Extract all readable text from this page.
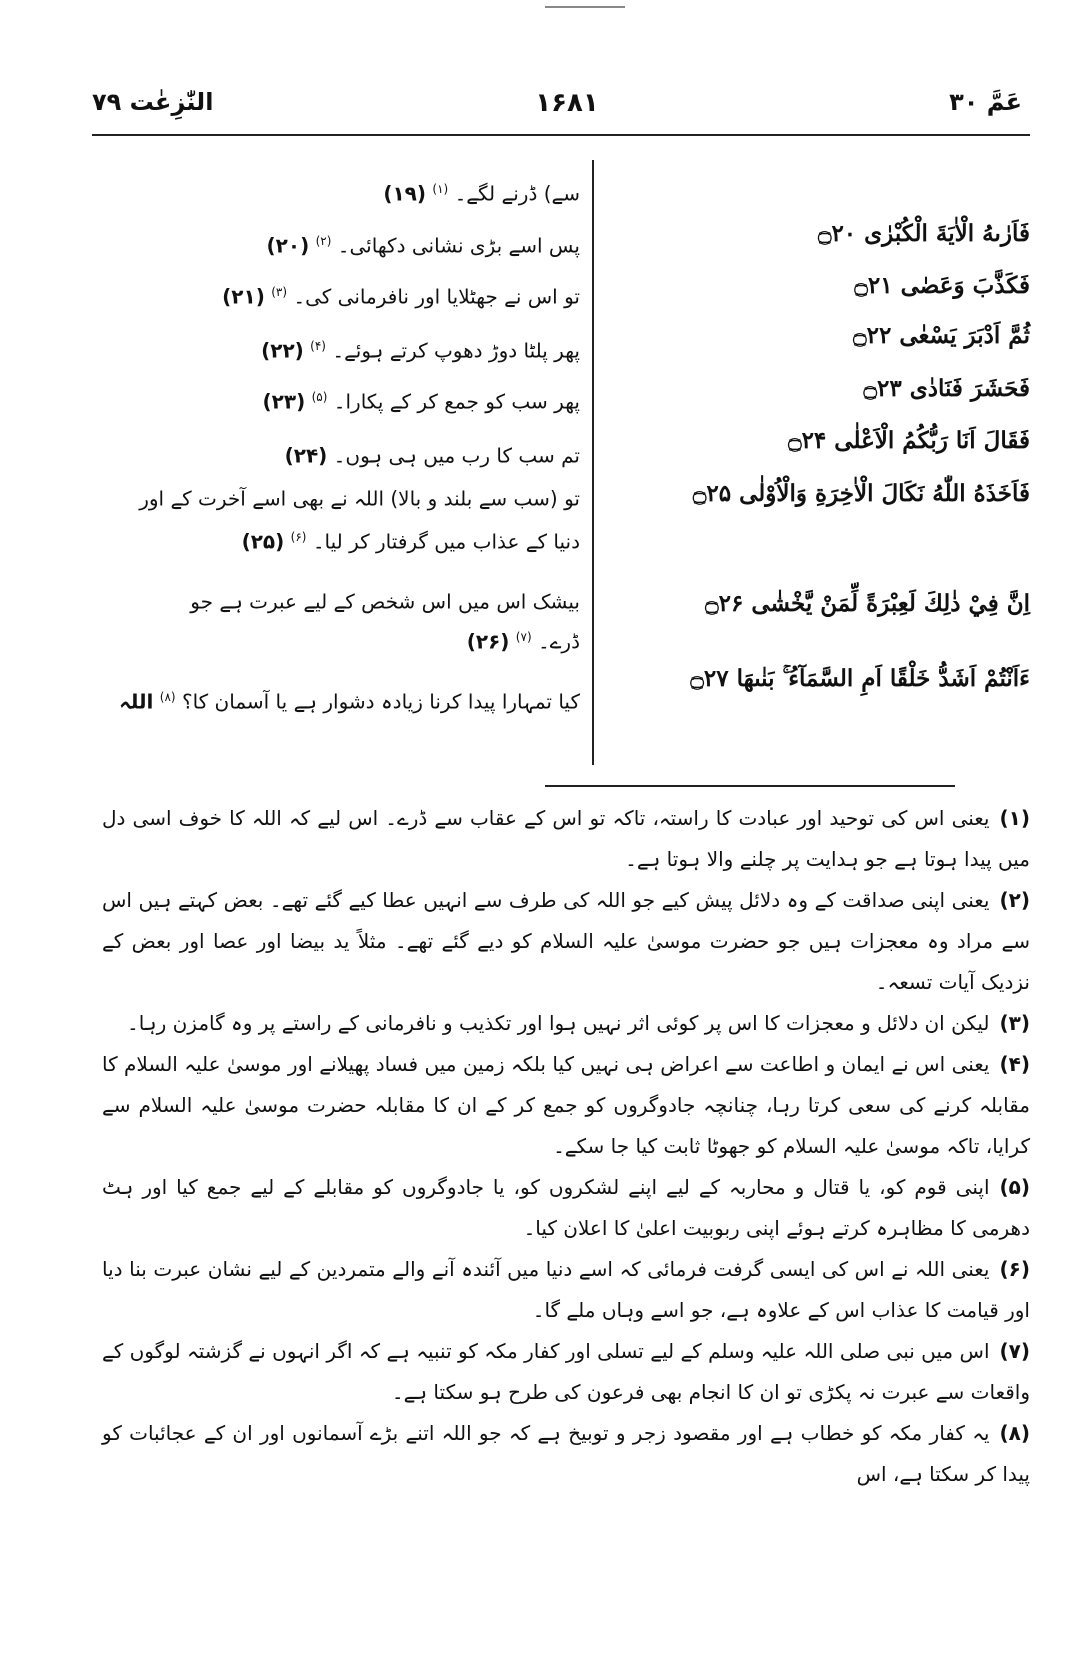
عَمَّ ۳۰
۱۶۸۱
النّٰزِعٰت ۷۹
فَاَرٰىهُ الْاٰيَةَ الْكُبْرٰى ۝۲۰
فَكَذَّبَ وَعَصٰى ۝۲۱
ثُمَّ اَدْبَرَ يَسْعٰى ۝۲۲
فَحَشَرَ فَنَادٰى ۝۲۳
فَقَالَ اَنَا رَبُّكُمُ الْاَعْلٰى ۝۲۴
فَاَخَذَهُ اللّٰهُ نَكَالَ الْاٰخِرَةِ وَالْاُوْلٰى ۝۲۵
اِنَّ فِيْ ذٰلِكَ لَعِبْرَةً لِّمَنْ يَّخْشٰى ۝۲۶
ءَاَنْتُمْ اَشَدُّ خَلْقًا اَمِ السَّمَآءُ ۚ بَنٰىهَا ۝۲۷
سے) ڈرنے لگے۔ $^{(۱)}$ (۱۹)
پس اسے بڑی نشانی دکھائی۔ $^{(۲)}$ (۲۰)
تو اس نے جھٹلایا اور نافرمانی کی۔ $^{(۳)}$ (۲۱)
پھر پلٹا دوڑ دھوپ کرتے ہوئے۔ $^{(۴)}$ (۲۲)
پھر سب کو جمع کر کے پکارا۔ $^{(۵)}$ (۲۳)
تم سب کا رب میں ہی ہوں۔ (۲۴)
تو (سب سے بلند و بالا) اللہ نے بھی اسے آخرت کے اور
دنیا کے عذاب میں گرفتار کر لیا۔ $^{(۶)}$ (۲۵)
بیشک اس میں اس شخص کے لیے عبرت ہے جو
ڈرے۔ $^{(۷)}$ (۲۶)
کیا تمہارا پیدا کرنا زیادہ دشوار ہے یا آسمان کا؟ $^{(۸)}$ اللہ
(۱)یعنی اس کی توحید اور عبادت کا راستہ، تاکہ تو اس کے عقاب سے ڈرے۔ اس لیے کہ اللہ کا خوف اسی دل میں پیدا ہوتا ہے جو ہدایت پر چلنے والا ہوتا ہے۔
(۲)یعنی اپنی صداقت کے وہ دلائل پیش کیے جو اللہ کی طرف سے انہیں عطا کیے گئے تھے۔ بعض کہتے ہیں اس سے مراد وہ معجزات ہیں جو حضرت موسیٰ علیہ السلام کو دیے گئے تھے۔ مثلاً ید بیضا اور عصا اور بعض کے نزدیک آیات تسعہ۔
(۳)لیکن ان دلائل و معجزات کا اس پر کوئی اثر نہیں ہوا اور تکذیب و نافرمانی کے راستے پر وہ گامزن رہا۔
(۴)یعنی اس نے ایمان و اطاعت سے اعراض ہی نہیں کیا بلکہ زمین میں فساد پھیلانے اور موسیٰ علیہ السلام کا مقابلہ کرنے کی سعی کرتا رہا، چنانچہ جادوگروں کو جمع کر کے ان کا مقابلہ حضرت موسیٰ علیہ السلام سے کرایا، تاکہ موسیٰ علیہ السلام کو جھوٹا ثابت کیا جا سکے۔
(۵)اپنی قوم کو، یا قتال و محاربہ کے لیے اپنے لشکروں کو، یا جادوگروں کو مقابلے کے لیے جمع کیا اور ہٹ دھرمی کا مظاہرہ کرتے ہوئے اپنی ربوبیت اعلیٰ کا اعلان کیا۔
(۶)یعنی اللہ نے اس کی ایسی گرفت فرمائی کہ اسے دنیا میں آئندہ آنے والے متمردین کے لیے نشان عبرت بنا دیا اور قیامت کا عذاب اس کے علاوہ ہے، جو اسے وہاں ملے گا۔
(۷)اس میں نبی صلی اللہ علیہ وسلم کے لیے تسلی اور کفار مکہ کو تنبیہ ہے کہ اگر انہوں نے گزشتہ لوگوں کے واقعات سے عبرت نہ پکڑی تو ان کا انجام بھی فرعون کی طرح ہو سکتا ہے۔
(۸)یہ کفار مکہ کو خطاب ہے اور مقصود زجر و توبیخ ہے کہ جو اللہ اتنے بڑے آسمانوں اور ان کے عجائبات کو پیدا کر سکتا ہے، اس
